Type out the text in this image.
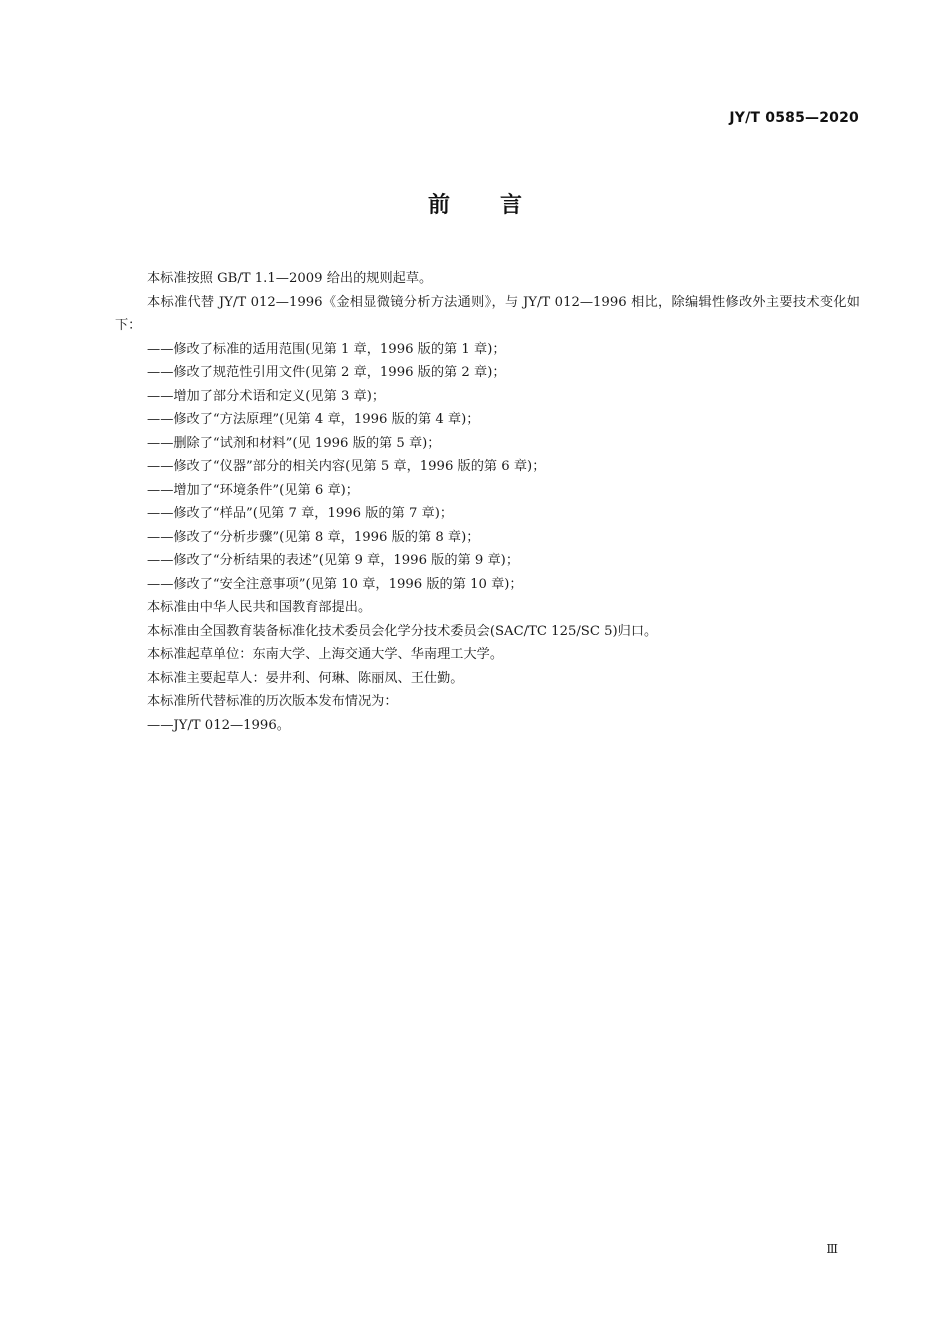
JY/T 0585—2020
前 言

本标准按照 GB/T 1.1—2009 给出的规则起草。

本标准代替 JY/T 012—1996《金相显微镜分析方法通则》，与 JY/T 012—1996 相比，除编辑性修改外主要技术变化如下：

——修改了标准的适用范围(见第 1 章，1996 版的第 1 章)；

——修改了规范性引用文件(见第 2 章，1996 版的第 2 章)；

——增加了部分术语和定义(见第 3 章)；

——修改了“方法原理”(见第 4 章，1996 版的第 4 章)；

——删除了“试剂和材料”(见 1996 版的第 5 章)；

——修改了“仪器”部分的相关内容(见第 5 章，1996 版的第 6 章)；

——增加了“环境条件”(见第 6 章)；

——修改了“样品”(见第 7 章，1996 版的第 7 章)；

——修改了“分析步骤”(见第 8 章，1996 版的第 8 章)；

——修改了“分析结果的表述”(见第 9 章，1996 版的第 9 章)；

——修改了“安全注意事项”(见第 10 章，1996 版的第 10 章)；

本标准由中华人民共和国教育部提出。

本标准由全国教育装备标准化技术委员会化学分技术委员会(SAC/TC 125/SC 5)归口。

本标准起草单位：东南大学、上海交通大学、华南理工大学。

本标准主要起草人：晏井利、何琳、陈丽凤、王仕勤。

本标准所代替标准的历次版本发布情况为：

——JY/T 012—1996。

Ⅲ
